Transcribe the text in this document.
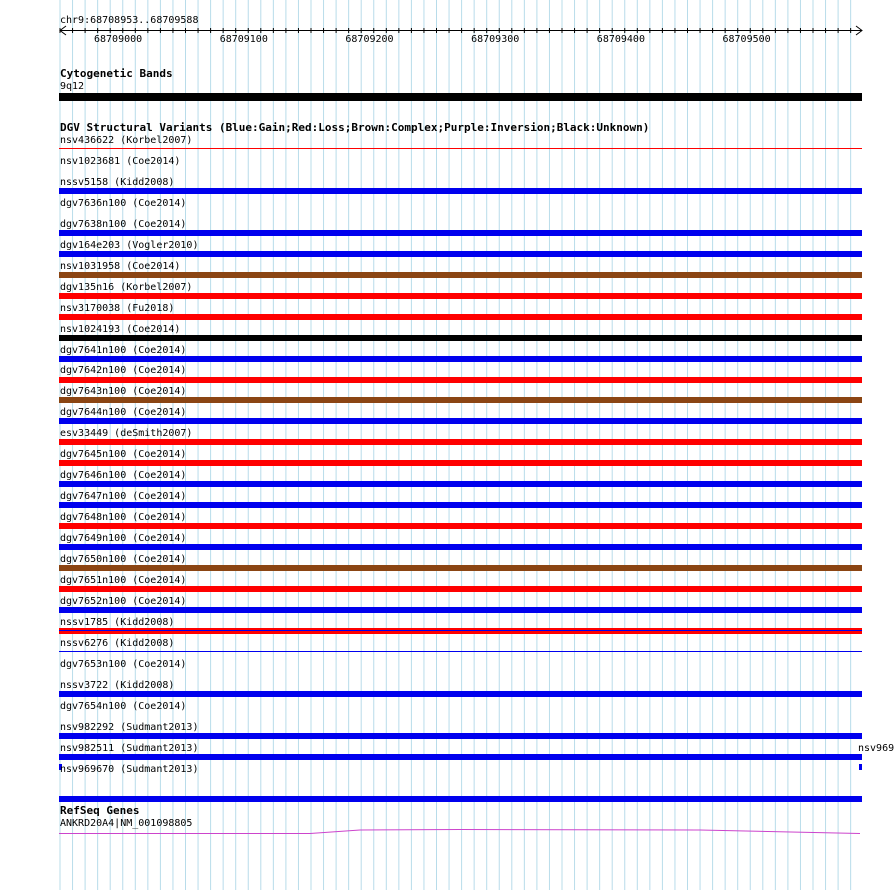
chr9:68708953..68709588
68709000	68709100	68709200	68709300	68709400	68709500
Cytogenetic Bands
9q12
DGV Structural Variants (Blue:Gain;Red:Loss;Brown:Complex;Purple:Inversion;Black:Unknown)
nsv436622 (Korbel2007)
nsv1023681 (Coe2014)
nssv5158 (Kidd2008)
dgv7636n100 (Coe2014)
dgv7638n100 (Coe2014)
dgv164e203 (Vogler2010)
nsv1031958 (Coe2014)
dgv135n16 (Korbel2007)
nsv3170038 (Fu2018)
nsv1024193 (Coe2014)
dgv7641n100 (Coe2014)
dgv7642n100 (Coe2014)
dgv7643n100 (Coe2014)
dgv7644n100 (Coe2014)
esv33449 (deSmith2007)
dgv7645n100 (Coe2014)
dgv7646n100 (Coe2014)
dgv7647n100 (Coe2014)
dgv7648n100 (Coe2014)
dgv7649n100 (Coe2014)
dgv7650n100 (Coe2014)
dgv7651n100 (Coe2014)
dgv7652n100 (Coe2014)
nssv1785 (Kidd2008)
nssv6276 (Kidd2008)
dgv7653n100 (Coe2014)
nssv3722 (Kidd2008)
dgv7654n100 (Coe2014)
nsv982292 (Sudmant2013)
nsv982511 (Sudmant2013)	nsv969
nsv969670 (Sudmant2013)
RefSeq Genes
ANKRD20A4|NM_001098805
